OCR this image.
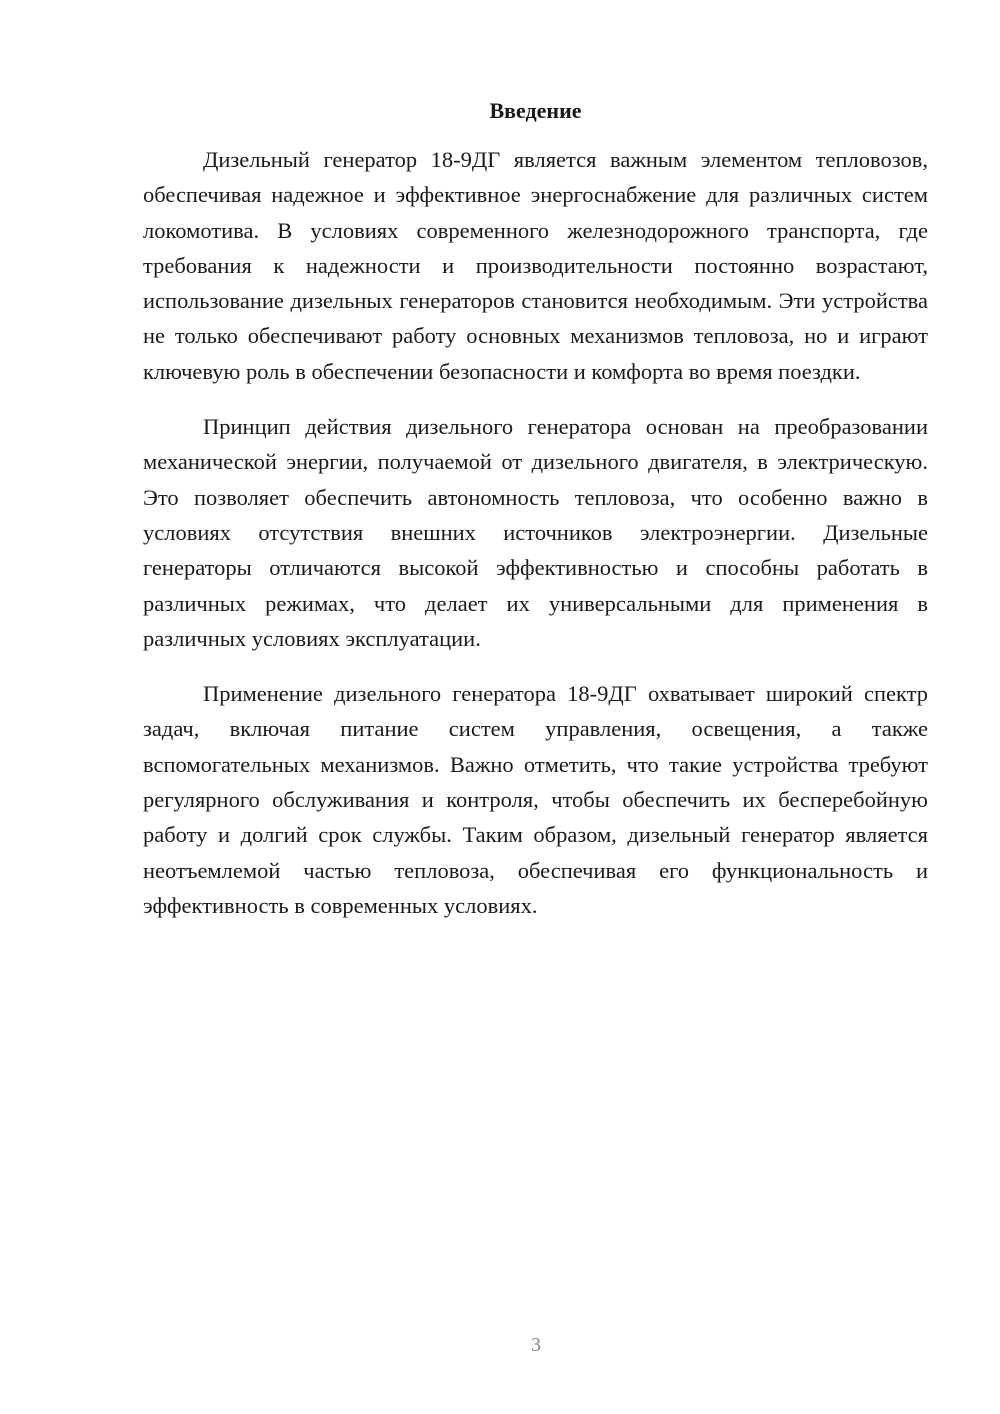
Введение

Дизельный генератор 18-9ДГ является важным элементом тепловозов, обеспечивая надежное и эффективное энергоснабжение для различных систем локомотива. В условиях современного железнодорожного транспорта, где требования к надежности и производительности постоянно возрастают, использование дизельных генераторов становится необходимым. Эти устройства не только обеспечивают работу основных механизмов тепловоза, но и играют ключевую роль в обеспечении безопасности и комфорта во время поездки.

Принцип действия дизельного генератора основан на преобразовании механической энергии, получаемой от дизельного двигателя, в электрическую. Это позволяет обеспечить автономность тепловоза, что особенно важно в условиях отсутствия внешних источников электроэнергии. Дизельные генераторы отличаются высокой эффективностью и способны работать в различных режимах, что делает их универсальными для применения в различных условиях эксплуатации.

Применение дизельного генератора 18-9ДГ охватывает широкий спектр задач, включая питание систем управления, освещения, а также вспомогательных механизмов. Важно отметить, что такие устройства требуют регулярного обслуживания и контроля, чтобы обеспечить их бесперебойную работу и долгий срок службы. Таким образом, дизельный генератор является неотъемлемой частью тепловоза, обеспечивая его функциональность и эффективность в современных условиях.

3
